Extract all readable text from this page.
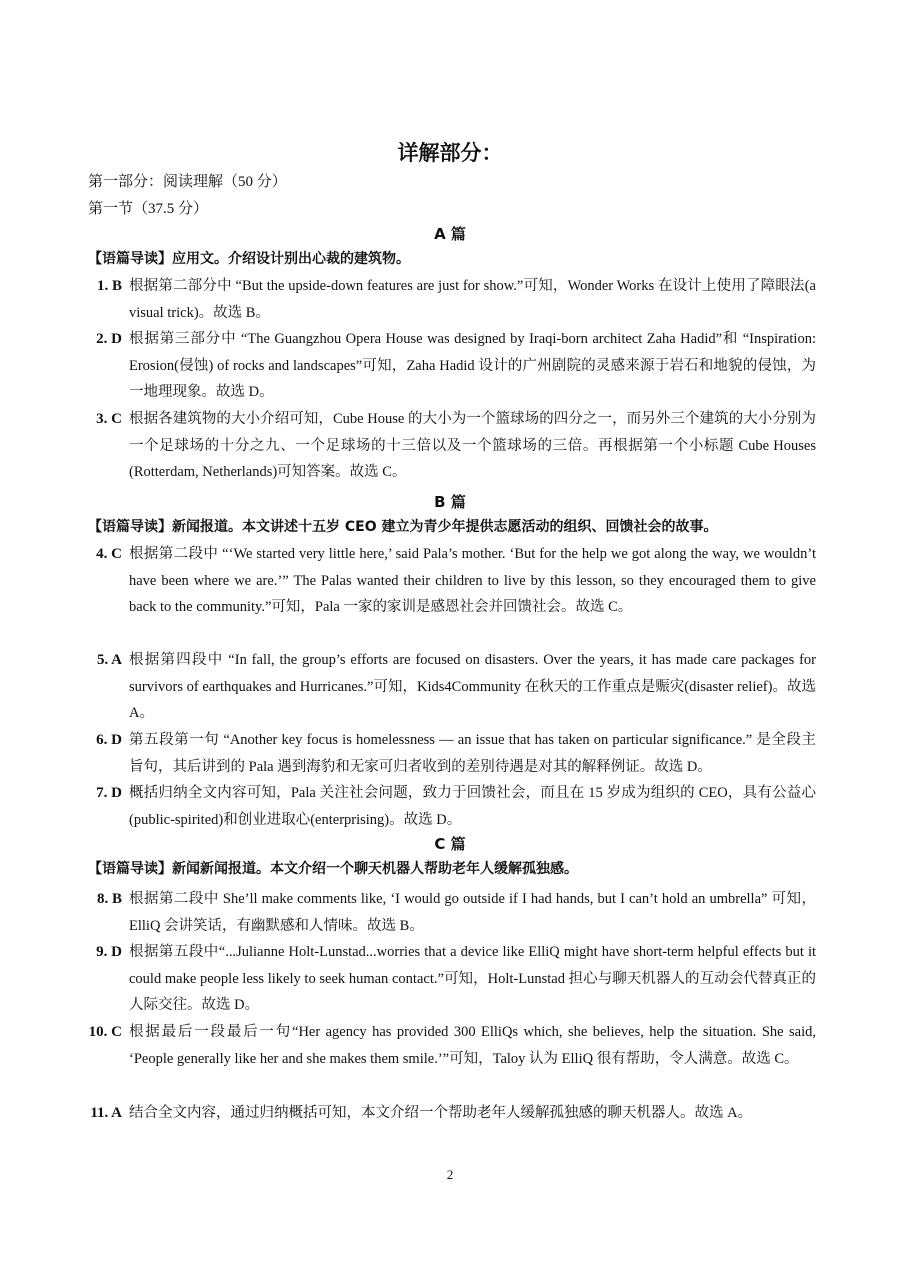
详解部分：
第一部分：阅读理解（50 分）
第一节（37.5 分）
A 篇
【语篇导读】应用文。介绍设计别出心裁的建筑物。
1. B 根据第二部分中 “But the upside-down features are just for show.”可知，Wonder Works 在设计上使用了障眼法(a visual trick)。故选 B。
2. D 根据第三部分中 “The Guangzhou Opera House was designed by Iraqi-born architect Zaha Hadid”和 “Inspiration: Erosion(侵蚀) of rocks and landscapes”可知，Zaha Hadid 设计的广州剧院的灵感来源于岩石和地貌的侵蚀，为一地理现象。故选 D。
3. C 根据各建筑物的大小介绍可知，Cube House 的大小为一个篮球场的四分之一，而另外三个建筑的大小分别为一个足球场的十分之九、一个足球场的十三倍以及一个篮球场的三倍。再根据第一个小标题 Cube Houses (Rotterdam, Netherlands)可知答案。故选 C。
B 篇
【语篇导读】新闻报道。本文讲述十五岁 CEO 建立为青少年提供志愿活动的组织、回馈社会的故事。
4. C 根据第二段中 “‘We started very little here,’ said Pala’s mother. ‘But for the help we got along the way, we wouldn’t have been where we are.’” The Palas wanted their children to live by this lesson, so they encouraged them to give back to the community.”可知，Pala 一家的家训是感恩社会并回馈社会。故选 C。
5. A 根据第四段中 “In fall, the group’s efforts are focused on disasters. Over the years, it has made care packages for survivors of earthquakes and Hurricanes.”可知，Kids4Community 在秋天的工作重点是赈灾(disaster relief)。故选 A。
6. D 第五段第一句 “Another key focus is homelessness — an issue that has taken on particular significance.” 是全段主旨句，其后讲到的 Pala 遇到海豹和无家可归者收到的差别待遇是对其的解释例证。故选 D。
7. D 概括归纳全文内容可知，Pala 关注社会问题，致力于回馈社会，而且在 15 岁成为组织的 CEO，具有公益心(public-spirited)和创业进取心(enterprising)。故选 D。
C 篇
【语篇导读】新闻新闻报道。本文介绍一个聊天机器人帮助老年人缓解孤独感。
8. B 根据第二段中 She’ll make comments like, ‘I would go outside if I had hands, but I can’t hold an umbrella” 可知，ElliQ 会讲笑话，有幽默感和人情味。故选 B。
9. D 根据第五段中“...Julianne Holt-Lunstad...worries that a device like ElliQ might have short-term helpful effects but it could make people less likely to seek human contact.”可知，Holt-Lunstad 担心与聊天机器人的互动会代替真正的人际交往。故选 D。
10. C 根据最后一段最后一句“Her agency has provided 300 ElliQs which, she believes, help the situation. She said, ‘People generally like her and she makes them smile.’”可知，Taloy 认为 ElliQ 很有帮助，令人满意。故选 C。
11. A 结合全文内容，通过归纳概括可知，本文介绍一个帮助老年人缓解孤独感的聊天机器人。故选 A。
2
